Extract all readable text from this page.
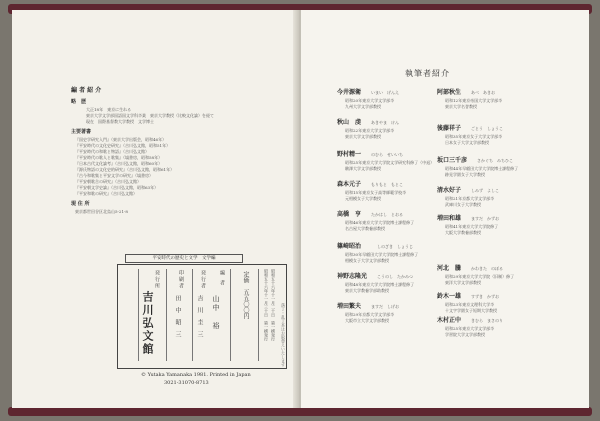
編 者 紹 介
略　歴
大正18年　東京に生れる
東京大学文学部国語国文学科卒業　東京大学教授（比較文化論）を経て
現在　国際基督教大学教授　文学博士
主要著書
『国史学研究入門』（東京大学出版会，昭和46年）
『平安時代の文化史研究』（吉川弘文館，昭和51年）
『平安時代の和歌と物語』（吉川弘文館）
『平安時代の歌人と歌集』（塙書房，昭和58年）
『日本古代文化論考』（吉川弘文館，昭和60年）
『源氏物語の文化史的研究』（吉川弘文館，昭和61年）
『古今和歌集と平安文学の研究』（塙書房）
『平安朝歌合の研究』（吉川弘文館）
『平安朝文学史論』（吉川弘文館，昭和63年）
『平安和歌の研究』（吉川弘文館）
現 住 所
東京都世田谷区北烏山5-21-8
平安時代の歴史と文学　文学編
昭和五十六年十一月二十日　第一刷発行
昭和五十六年十一月三十日　第一刷発行
定価　五五〇〇円
編　者
山中　裕
発 行 者
吉　川　圭　三
印 刷 者
田　中　昭　三
発 行 所
吉川弘文館
© Yutaka Yamanaka 1981. Printed in Japan
3021-31070-8713
落丁・乱丁本はお取替えいたします
執筆者紹介
今井源衛 いまい　げんえ
昭和20年東京大学文学部卒
九州大学文学部教授
秋山　虔 あきやま　けん
昭和22年東京大学文学部卒
東京大学文学部教授
野村精一 のむら　せいいち
昭和25年東京大学大学院文学研究科修了（中退）
駒澤大学文学部教授
森本元子 もりもと　もとこ
昭和15年東京女子高等師範学校卒
元相模女子大学教授
高橋　亨 たかはし　とおる
昭和46年東京大学大学院博士課程修了
名古屋大学教養部教授
篠崎昭治	しのざき　しょうじ
昭和30年早稲田大学大学院博士課程修了
相模女子大学文学部教授
神野志隆光 こうのし　たかみつ
昭和48年東京大学大学院博士課程修了
東京大学教養学部助教授
増田繁夫 ますだ　しげお
昭和29年京都大学文学部卒
大阪市立大学文学部教授
阿部秋生 あべ　あきお
昭和12年東京帝国大学文学部卒
東京大学名誉教授
後藤祥子 ごとう　しょうこ
昭和35年東京女子大学文学部卒
日本女子大学文学部教授
坂口三千彦 さかぐち　みちひこ
昭和44年早稲田大学大学院博士課程修了
跡見学園女子大学教授
清水好子 しみず　よしこ
昭和21年京都大学文学部卒
武庫川女子大学教授
増田和雄 ますだ　かずお
昭和41年東京大学大学院修了
大阪大学教養部教授
河北　騰 かわきた　のぼる
昭和29年東京大学大学院（旧制）修了
東洋大学文学部教授
鈴木一雄 すずき　かずお
昭和23年東京文理科大学卒
十文字学園女子短期大学教授
木村正中 きむら　まさのり
昭和25年東京大学文学部卒
学習院大学文学部教授
